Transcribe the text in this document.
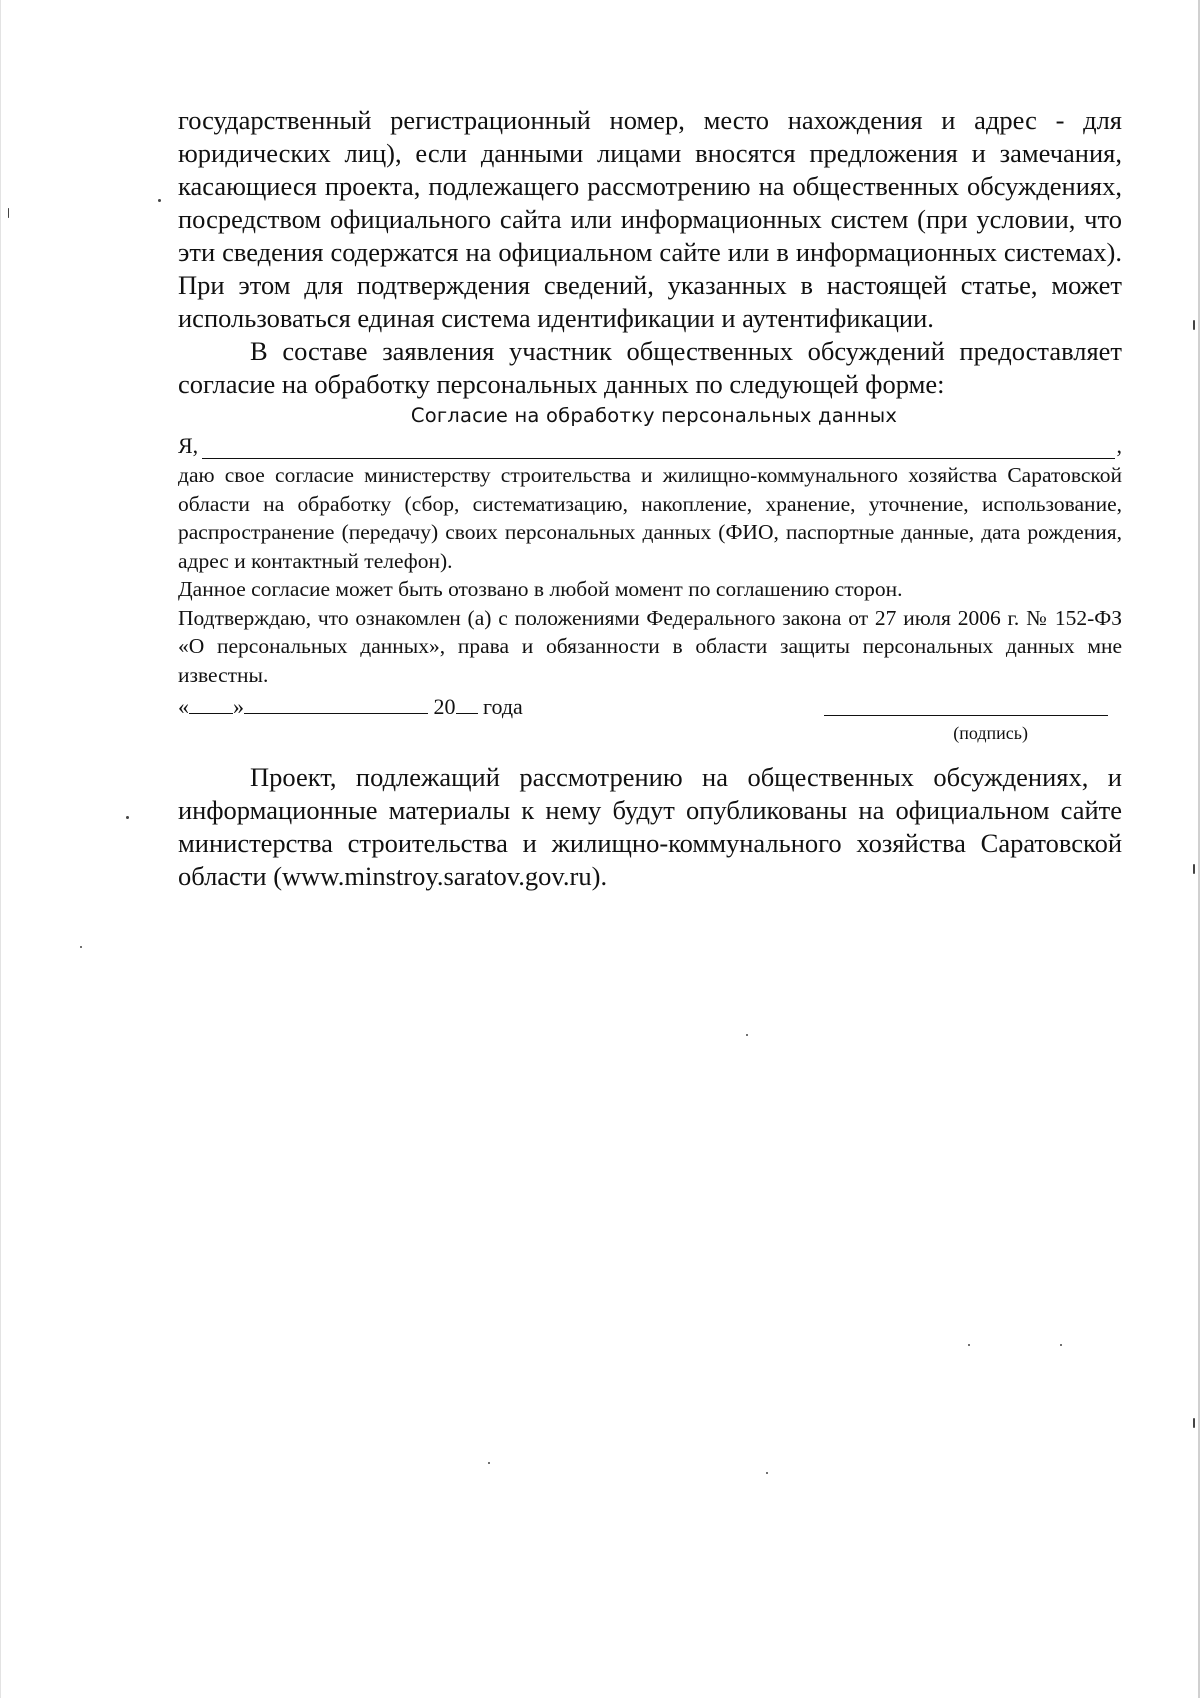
государственный регистрационный номер, место нахождения и адрес - для юридических лиц), если данными лицами вносятся предложения и замечания, касающиеся проекта, подлежащего рассмотрению на общественных обсуждениях, посредством официального сайта или информационных систем (при условии, что эти сведения содержатся на официальном сайте или в информационных системах). При этом для подтверждения сведений, указанных в настоящей статье, может использоваться единая система идентификации и аутентификации.

В составе заявления участник общественных обсуждений предоставляет согласие на обработку персональных данных по следующей форме:

Согласие на обработку персональных данных

Я,	,

даю свое согласие министерству строительства и жилищно-коммунального хозяйства Саратовской области на обработку (сбор, систематизацию, накопление, хранение, уточнение, использование, распространение (передачу) своих персональных данных (ФИО, паспортные данные, дата рождения, адрес и контактный телефон).

Данное согласие может быть отозвано в любой момент по соглашению сторон.

Подтверждаю, что ознакомлен (а) с положениями Федерального закона от 27 июля 2006 г. № 152-ФЗ «О персональных данных», права и обязанности в области защиты персональных данных мне известны.

« »	20 года

(подпись)

Проект, подлежащий рассмотрению на общественных обсуждениях, и информационные материалы к нему будут опубликованы на официальном сайте министерства строительства и жилищно-коммунального хозяйства Саратовской области (www.minstroy.saratov.gov.ru).
